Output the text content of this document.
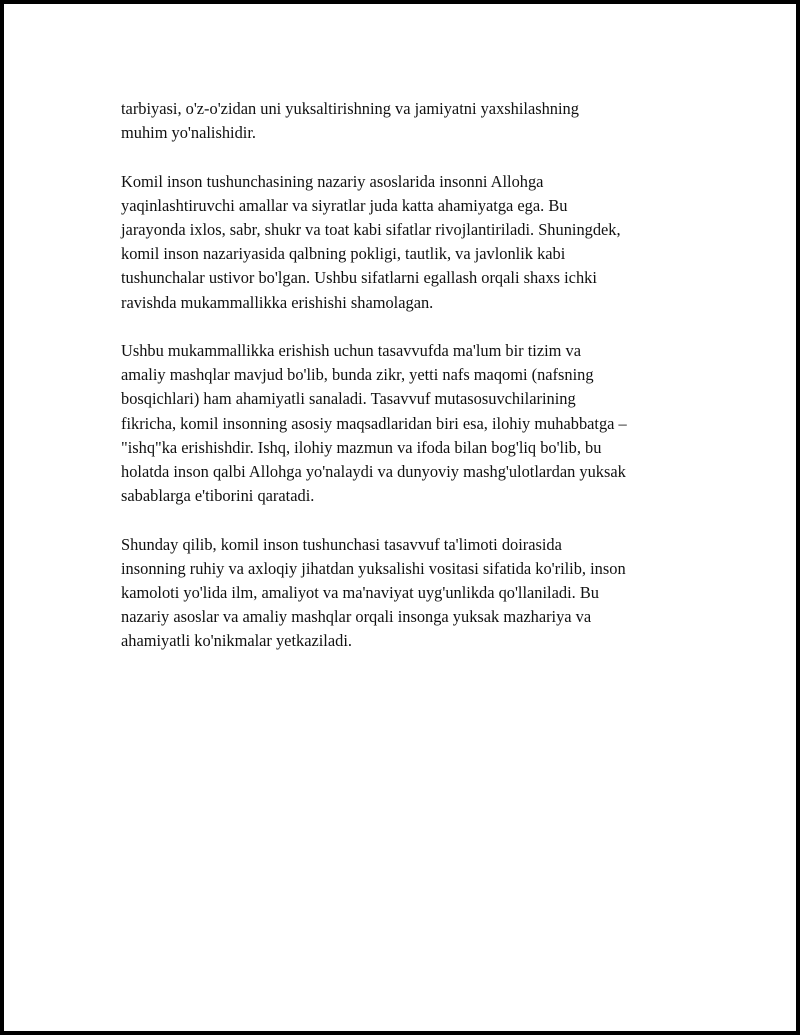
tarbiyasi, o'z-o'zidan uni yuksaltirishning va jamiyatni yaxshilashning
muhim yo'nalishidir.

Komil inson tushunchasining nazariy asoslarida insonni Allohga
yaqinlashtiruvchi amallar va siyratlar juda katta ahamiyatga ega. Bu
jarayonda ixlos, sabr, shukr va toat kabi sifatlar rivojlantiriladi. Shuningdek,
komil inson nazariyasida qalbning pokligi, tautlik, va javlonlik kabi
tushunchalar ustivor bo'lgan. Ushbu sifatlarni egallash orqali shaxs ichki
ravishda mukammallikka erishishi shamolagan.

Ushbu mukammallikka erishish uchun tasavvufda ma'lum bir tizim va
amaliy mashqlar mavjud bo'lib, bunda zikr, yetti nafs maqomi (nafsning
bosqichlari) ham ahamiyatli sanaladi. Tasavvuf mutasosuvchilarining
fikricha, komil insonning asosiy maqsadlaridan biri esa, ilohiy muhabbatga –
"ishq"ka erishishdir. Ishq, ilohiy mazmun va ifoda bilan bog'liq bo'lib, bu
holatda inson qalbi Allohga yo'nalaydi va dunyoviy mashg'ulotlardan yuksak
sabablarga e'tiborini qaratadi.

Shunday qilib, komil inson tushunchasi tasavvuf ta'limoti doirasida
insonning ruhiy va axloqiy jihatdan yuksalishi vositasi sifatida ko'rilib, inson
kamoloti yo'lida ilm, amaliyot va ma'naviyat uyg'unlikda qo'llaniladi. Bu
nazariy asoslar va amaliy mashqlar orqali insonga yuksak mazhariya va
ahamiyatli ko'nikmalar yetkaziladi.
